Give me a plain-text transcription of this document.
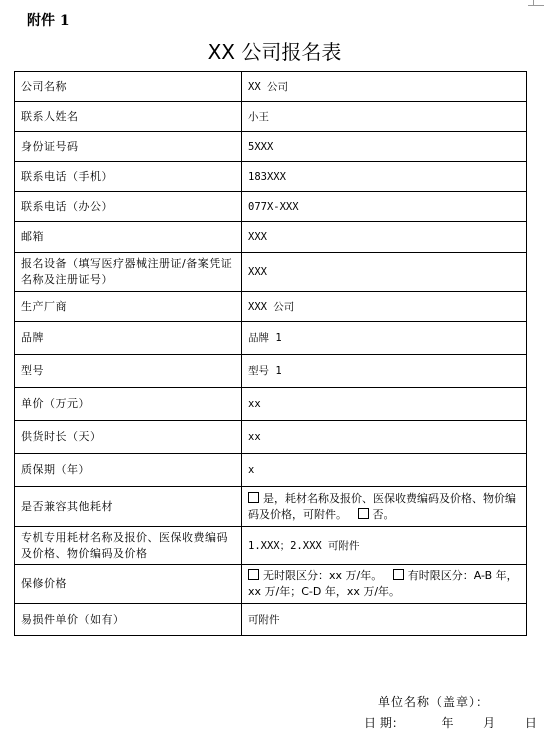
附件 1
XX 公司报名表
公司名称	XX 公司
联系人姓名	小王
身份证号码	5XXX
联系电话（手机）	183XXX
联系电话（办公）	077X-XXX
邮箱	XXX
报名设备（填写医疗器械注册证/备案凭证名称及注册证号）	XXX
生产厂商	XXX 公司
品牌	品牌 1
型号	型号 1
单价（万元）	xx
供货时长（天）	xx
质保期（年）	x
是否兼容其他耗材	是，耗材名称及报价、医保收费编码及价格、物价编码及价格，可附件。 否。
专机专用耗材名称及报价、医保收费编码及价格、物价编码及价格	1.XXX；2.XXX 可附件
保修价格	无时限区分：xx 万/年。 有时限区分：A-B 年，xx 万/年；C-D 年，xx 万/年。
易损件单价（如有）	可附件
单位名称（盖章）：
日 期：	年 月 日
